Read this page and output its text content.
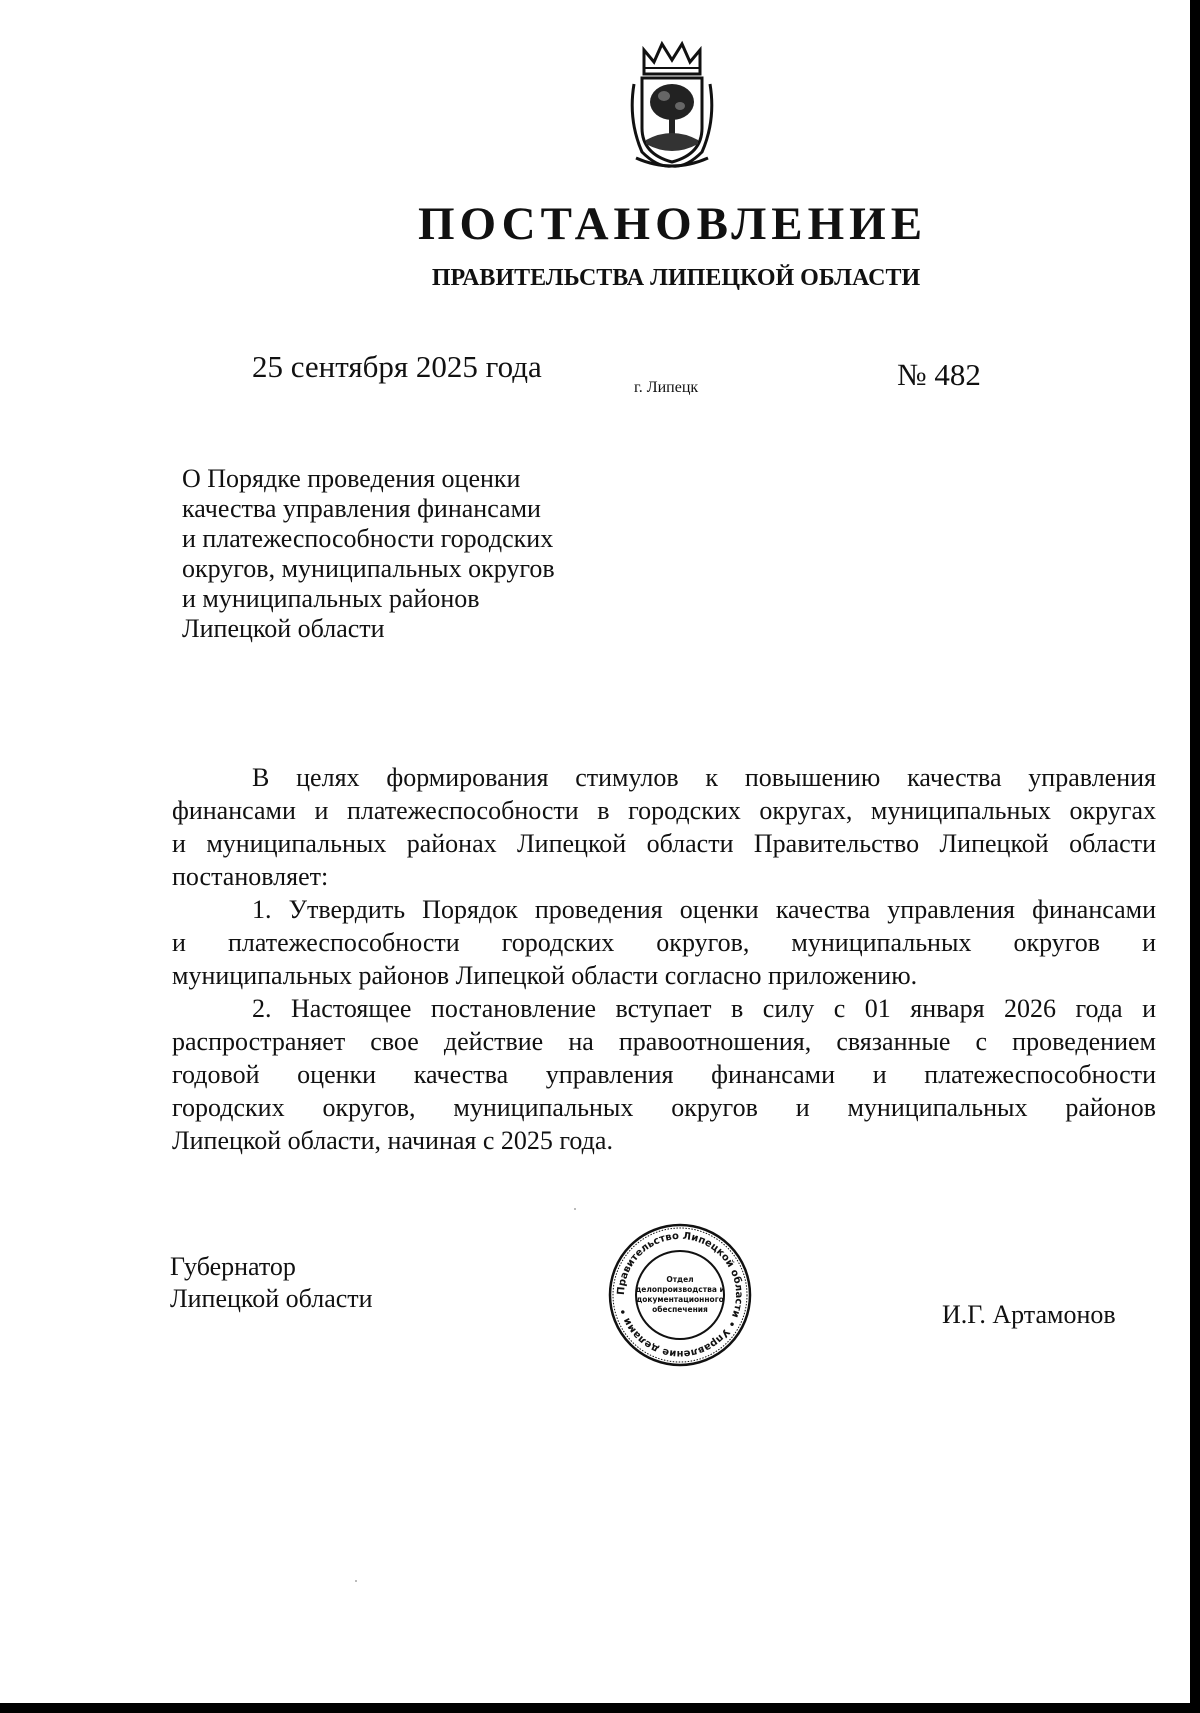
ПОСТАНОВЛЕНИЕ
ПРАВИТЕЛЬСТВА ЛИПЕЦКОЙ ОБЛАСТИ
25 сентября 2025 года
г. Липецк	№ 482
О Порядке проведения оценки
качества управления финансами
и платежеспособности городских
округов, муниципальных округов
и муниципальных районов
Липецкой области
В целях формирования стимулов к повышению качества управления
финансами и платежеспособности в городских округах, муниципальных округах
и муниципальных районах Липецкой области Правительство Липецкой области
постановляет:
1. Утвердить Порядок проведения оценки качества управления финансами
и платежеспособности городских округов, муниципальных округов и
муниципальных районов Липецкой области согласно приложению.
2. Настоящее постановление вступает в силу с 01 января 2026 года и
распространяет свое действие на правоотношения, связанные с проведением
годовой оценки качества управления финансами и платежеспособности
городских округов, муниципальных округов и муниципальных районов
Липецкой области, начиная с 2025 года.
Губернатор
Липецкой области	Правительство Липецкой области • Управление делами •
Отдел
делопроизводства и
документационного
обеспечения	И.Г. Артамонов
